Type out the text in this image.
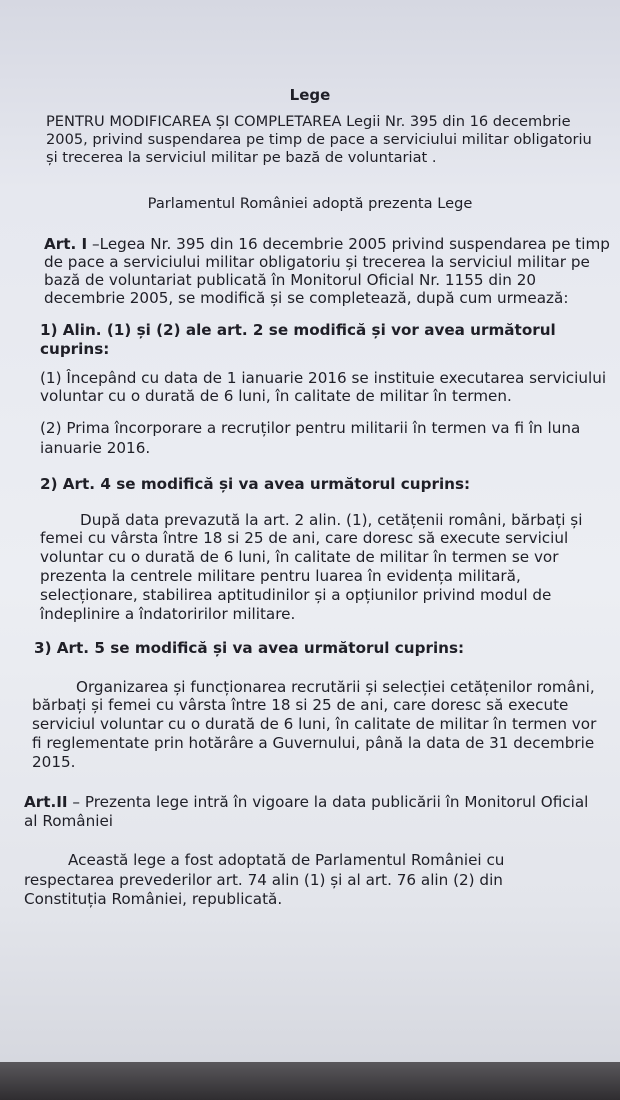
Lege
PENTRU MODIFICAREA ȘI COMPLETAREA Legii Nr. 395 din 16 decembrie
2005, privind suspendarea pe timp de pace a serviciului militar obligatoriu
și trecerea la serviciul militar pe bază de voluntariat .
Parlamentul României adoptă prezenta Lege
Art. I –Legea Nr. 395 din 16 decembrie 2005 privind suspendarea pe timp
de pace a serviciului militar obligatoriu și trecerea la serviciul militar pe
bază de voluntariat publicată în Monitorul Oficial Nr. 1155 din 20
decembrie 2005, se modifică și se completează, după cum urmează:
1) Alin. (1) și (2) ale art. 2 se modifică și vor avea următorul
cuprins:
(1) Începând cu data de 1 ianuarie 2016 se instituie executarea serviciului
voluntar cu o durată de 6 luni, în calitate de militar în termen.
(2) Prima încorporare a recruților pentru militarii în termen va fi în luna
ianuarie 2016.
2) Art. 4 se modifică și va avea următorul cuprins:
După data prevazută la art. 2 alin. (1), cetățenii români, bărbați și
femei cu vârsta între 18 si 25 de ani, care doresc să execute serviciul
voluntar cu o durată de 6 luni, în calitate de militar în termen se vor
prezenta la centrele militare pentru luarea în evidența militară,
selecționare, stabilirea aptitudinilor și a opțiunilor privind modul de
îndeplinire a îndatoririlor militare.
3) Art. 5 se modifică și va avea următorul cuprins:
Organizarea și funcționarea recrutării și selecției cetățenilor români,
bărbați și femei cu vârsta între 18 si 25 de ani, care doresc să execute
serviciul voluntar cu o durată de 6 luni, în calitate de militar în termen vor
fi reglementate prin hotărâre a Guvernului, până la data de 31 decembrie
2015.
Art.II – Prezenta lege intră în vigoare la data publicării în Monitorul Oficial
al României
Această lege a fost adoptată de Parlamentul României cu
respectarea prevederilor art. 74 alin (1) și al art. 76 alin (2) din
Constituția României, republicată.
